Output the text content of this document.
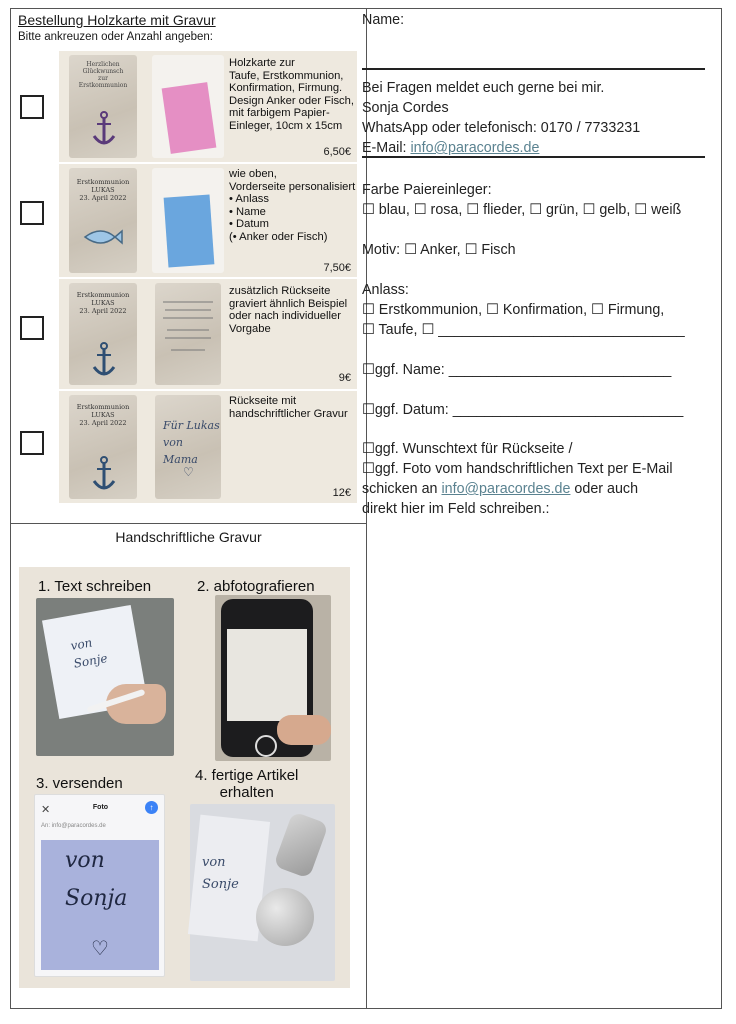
Bestellung Holzkarte mit Gravur
Bitte ankreuzen oder Anzahl angeben:
Herzlichen
Glückwunsch
zur
Erstkommunion
Holzkarte zur
Taufe, Erstkommunion,
Konfirmation, Firmung.
Design Anker oder Fisch,
mit farbigem Papier-
Einleger, 10cm x 15cm
6,50€
Erstkommunion
LUKAS
23. April 2022
wie oben,
Vorderseite personalisiert
• Anlass
• Name
• Datum
(• Anker oder Fisch)
7,50€
Erstkommunion
LUKAS
23. April 2022
zusätzlich Rückseite
graviert ähnlich Beispiel
oder nach individueller
Vorgabe
9€
Erstkommunion
LUKAS
23. April 2022	Für Lukas
von Mama
♡
Rückseite mit
handschriftlicher Gravur
12€
Handschriftliche Gravur
1. Text schreiben	2. abfotografieren
3. versenden	4. fertige Artikel
erhalten
von
Sonje
✕	Foto	↑
An: info@paracordes.de
von
Sonja
♡
von
Sonje
Name:
Bei Fragen meldet euch gerne bei mir.
Sonja Cordes
WhatsApp oder telefonisch: 0170 / 7733231
E-Mail: info@paracordes.de
Farbe Paiereinleger:
☐ blau, ☐ rosa, ☐ flieder, ☐ grün, ☐ gelb, ☐ weiß
Motiv: ☐ Anker, ☐ Fisch
Anlass:
☐ Erstkommunion, ☐ Konfirmation, ☐ Firmung,
☐ Taufe, ☐ _______________________________
☐ggf. Name: ____________________________
☐ggf. Datum: _____________________________
☐ggf. Wunschtext für Rückseite /
☐ggf. Foto vom handschriftlichen Text per E-Mail
schicken an info@paracordes.de oder auch
direkt hier im Feld schreiben.:
